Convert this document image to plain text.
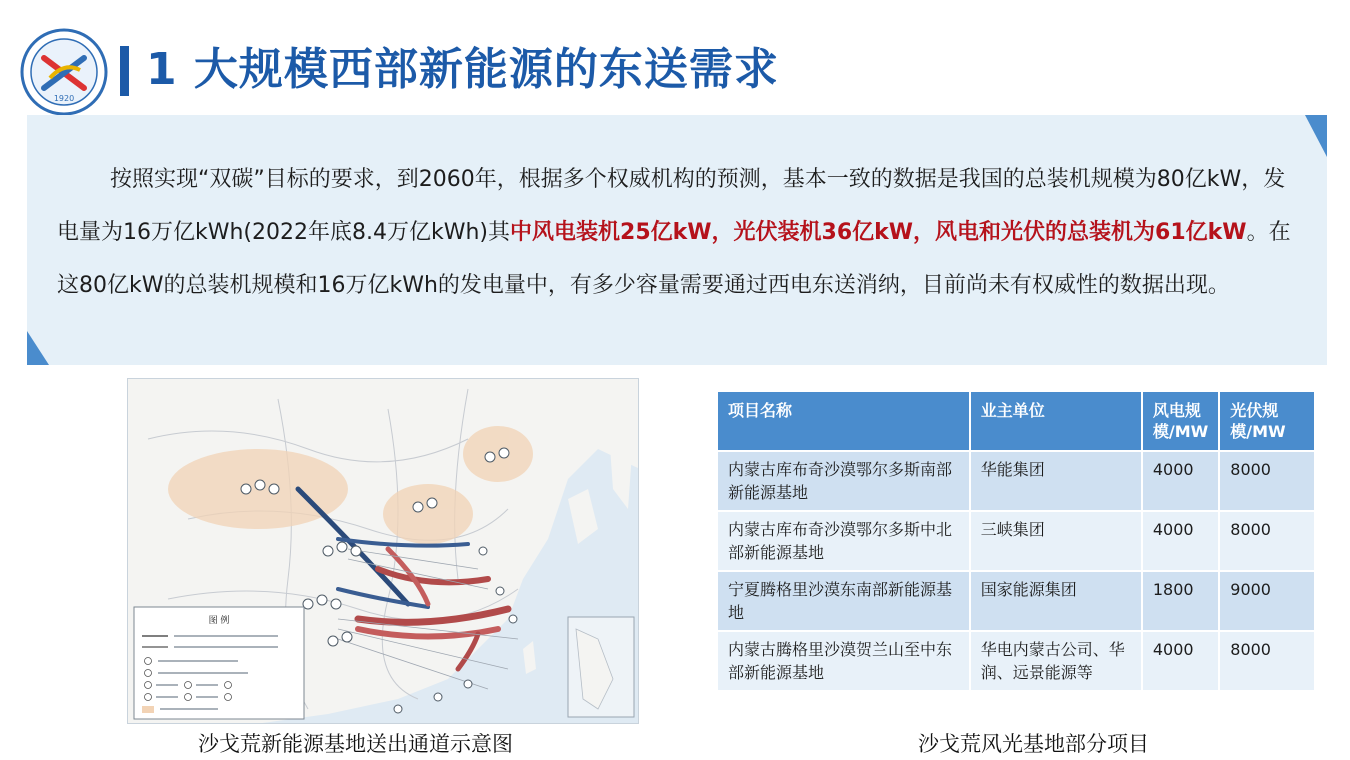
1920
1 大规模西部新能源的东送需求

按照实现“双碳”目标的要求，到2060年，根据多个权威机构的预测，基本一致的数据是我国的总装机规模为80亿kW，发电量为16万亿kWh(2022年底8.4万亿kWh)其中风电装机25亿kW，光伏装机36亿kW，风电和光伏的总装机为61亿kW。在这80亿kW的总装机规模和16万亿kWh的发电量中，有多少容量需要通过西电东送消纳，目前尚未有权威性的数据出现。

图 例
沙戈荒新能源基地送出通道示意图
项目名称	业主单位	风电规模/MW	光伏规模/MW
内蒙古库布奇沙漠鄂尔多斯南部新能源基地	华能集团	4000	8000
内蒙古库布奇沙漠鄂尔多斯中北部新能源基地	三峡集团	4000	8000
宁夏腾格里沙漠东南部新能源基地	国家能源集团	1800	9000
内蒙古腾格里沙漠贺兰山至中东部新能源基地	华电内蒙古公司、华润、远景能源等	4000	8000
沙戈荒风光基地部分项目
